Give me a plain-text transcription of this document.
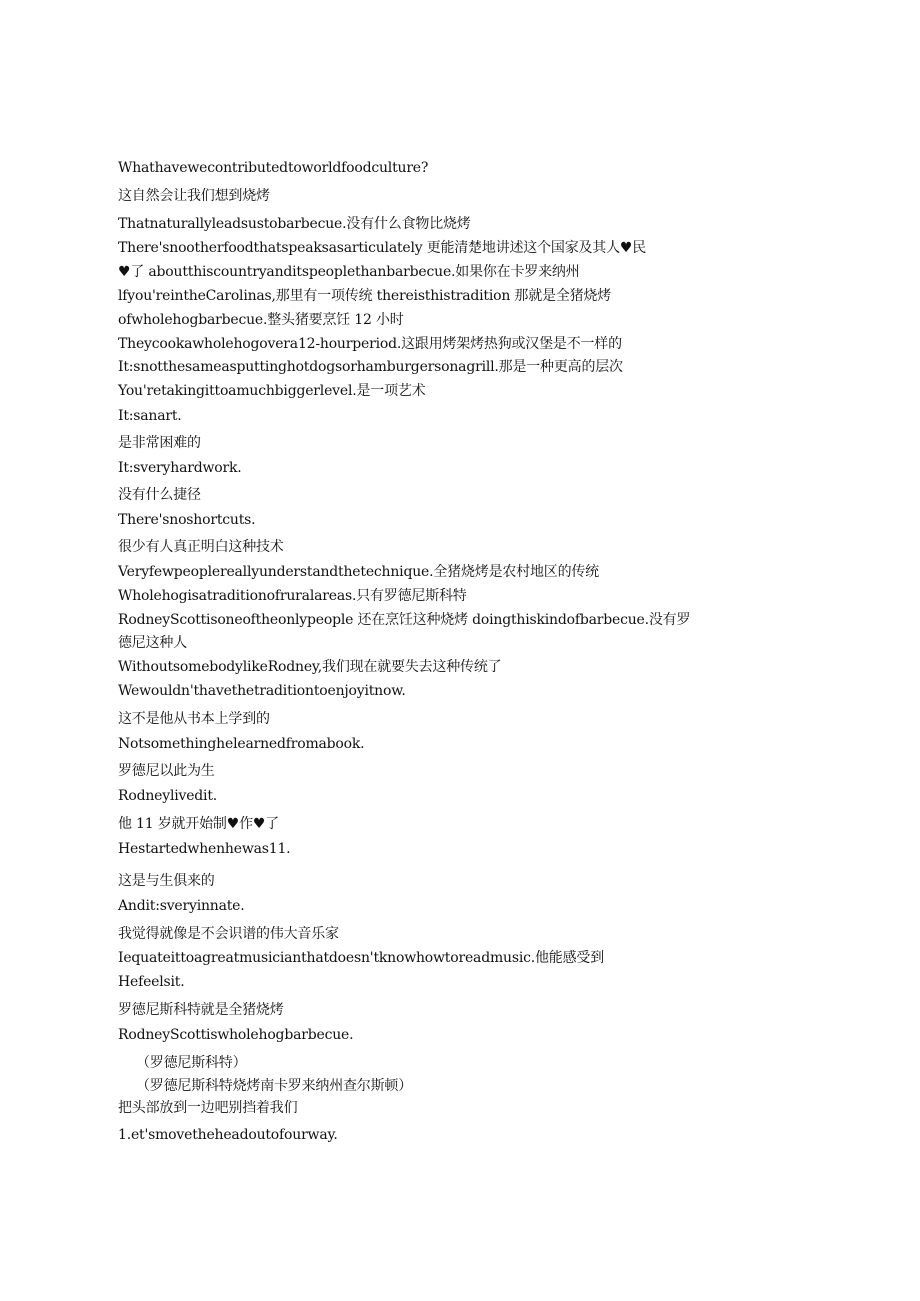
Whathavewecontributedtoworldfoodculture?
这自然会让我们想到烧烤
Thatnaturallyleadsustobarbecue.没有什么食物比烧烤
There'snootherfoodthatspeaksasarticulately 更能清楚地讲述这个国家及其人♥民
♥了 aboutthiscountryanditspeoplethanbarbecue.如果你在卡罗来纳州
lfyou'reintheCarolinas,那里有一项传统 thereisthistradition 那就是全猪烧烤
ofwholehogbarbecue.整头猪要烹饪 12 小时
Theycookawholehogovera12-hourperiod.这跟用烤架烤热狗或汉堡是不一样的
It:snotthesameasputtinghotdogsorhamburgersonagrill.那是一种更高的层次
You'retakingittoamuchbiggerlevel.是一项艺术
It:sanart.
是非常困难的
It:sveryhardwork.
没有什么捷径
There'snoshortcuts.
很少有人真正明白这种技术
Veryfewpeoplereallyunderstandthetechnique.全猪烧烤是农村地区的传统
Wholehogisatraditionofruralareas.只有罗德尼斯科特
RodneyScottisoneoftheonlypeople 还在烹饪这种烧烤 doingthiskindofbarbecue.没有罗
德尼这种人
WithoutsomebodylikeRodney,我们现在就要失去这种传统了
Wewouldn'thavethetraditiontoenjoyitnow.
这不是他从书本上学到的
Notsomethinghelearnedfromabook.
罗德尼以此为生
Rodneylivedit.
他 11 岁就开始制♥作♥了
Hestartedwhenhewas11.
这是与生俱来的
Andit:sveryinnate.
我觉得就像是不会识谱的伟大音乐家
Iequateittoagreatmusicianthatdoesn'tknowhowtoreadmusic.他能感受到
Hefeelsit.
罗德尼斯科特就是全猪烧烤
RodneyScottiswholehogbarbecue.
（罗德尼斯科特）
（罗德尼斯科特烧烤南卡罗来纳州查尔斯顿）
把头部放到一边吧别挡着我们
1.et'smovetheheadoutofourway.
